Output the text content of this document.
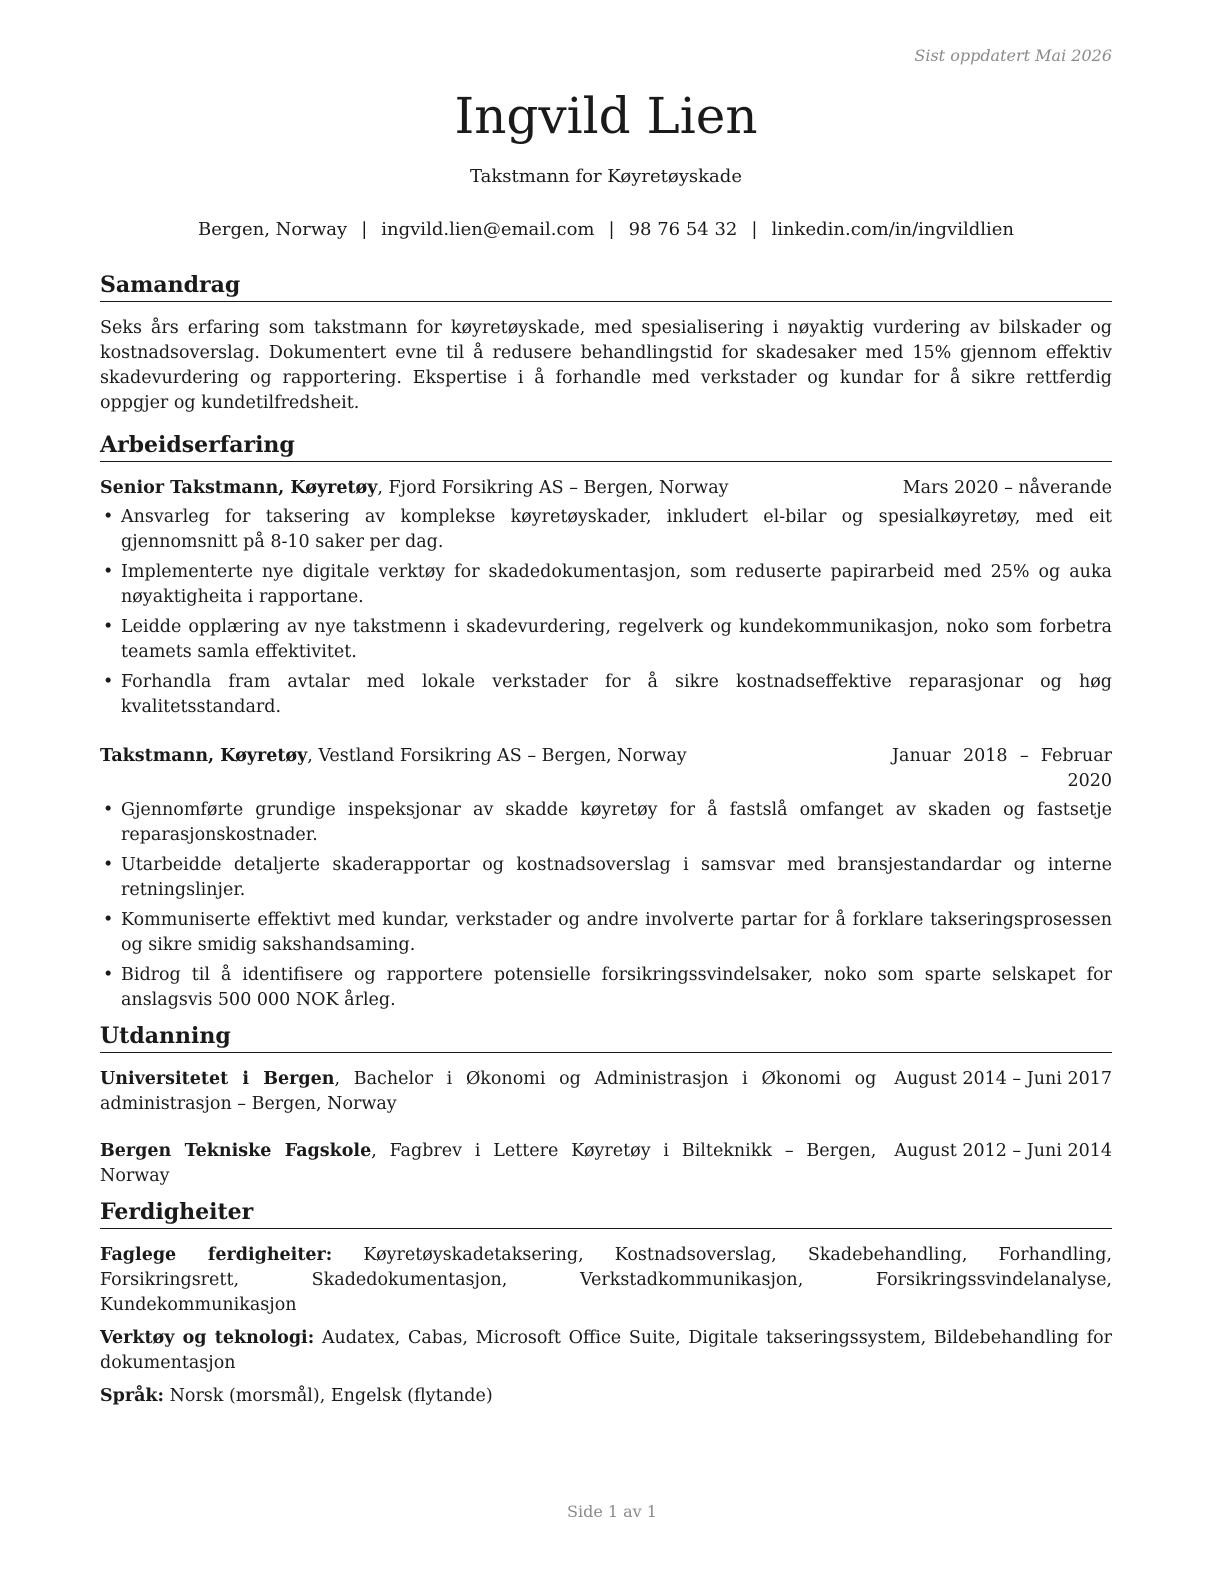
Sist oppdatert Mai 2026
Ingvild Lien
Takstmann for Køyretøyskade
Bergen, Norway | ingvild.lien@email.com | 98 76 54 32 | linkedin.com/in/ingvildlien
Samandrag
Seks års erfaring som takstmann for køyretøyskade, med spesialisering i nøyaktig vurdering av bilskader og kostnadsoverslag. Dokumentert evne til å redusere behandlingstid for skadesaker med 15% gjennom effektiv skadevurdering og rapportering. Ekspertise i å forhandle med verkstader og kundar for å sikre rettferdig oppgjer og kundetilfredsheit.
Arbeidserfaring
Senior Takstmann, Køyretøy, Fjord Forsikring AS – Bergen, Norway	Mars 2020 – nåverande
• Ansvarleg for taksering av komplekse køyretøyskader, inkludert el-bilar og spesialkøyretøy, med eit gjennomsnitt på 8-10 saker per dag.
• Implementerte nye digitale verktøy for skadedokumentasjon, som reduserte papirarbeid med 25% og auka nøyaktigheita i rapportane.
• Leidde opplæring av nye takstmenn i skadevurdering, regelverk og kundekommunikasjon, noko som forbetra teamets samla effektivitet.
• Forhandla fram avtalar med lokale verkstader for å sikre kostnadseffektive reparasjonar og høg kvalitetsstandard.
Takstmann, Køyretøy, Vestland Forsikring AS – Bergen, Norway	Januar 2018 – Februar
2020
• Gjennomførte grundige inspeksjonar av skadde køyretøy for å fastslå omfanget av skaden og fastsetje reparasjonskostnader.
• Utarbeidde detaljerte skaderapportar og kostnadsoverslag i samsvar med bransjestandardar og interne retningslinjer.
• Kommuniserte effektivt med kundar, verkstader og andre involverte partar for å forklare takseringsprosessen og sikre smidig sakshandsaming.
• Bidrog til å identifisere og rapportere potensielle forsikringssvindelsaker, noko som sparte selskapet for anslagsvis 500 000 NOK årleg.
Utdanning
Universitetet i Bergen, Bachelor i Økonomi og Administrasjon i Økonomi og administrasjon – Bergen, Norway
August 2014 – Juni 2017
Bergen Tekniske Fagskole, Fagbrev i Lettere Køyretøy i Bilteknikk – Bergen, Norway
August 2012 – Juni 2014
Ferdigheiter
Faglege ferdigheiter: Køyretøyskadetaksering, Kostnadsoverslag, Skadebehandling, Forhandling, Forsikringsrett, Skadedokumentasjon, Verkstadkommunikasjon, Forsikringssvindelanalyse, Kundekommunikasjon
Verktøy og teknologi: Audatex, Cabas, Microsoft Office Suite, Digitale takseringssystem, Bildebehandling for dokumentasjon
Språk: Norsk (morsmål), Engelsk (flytande)
Side 1 av 1
